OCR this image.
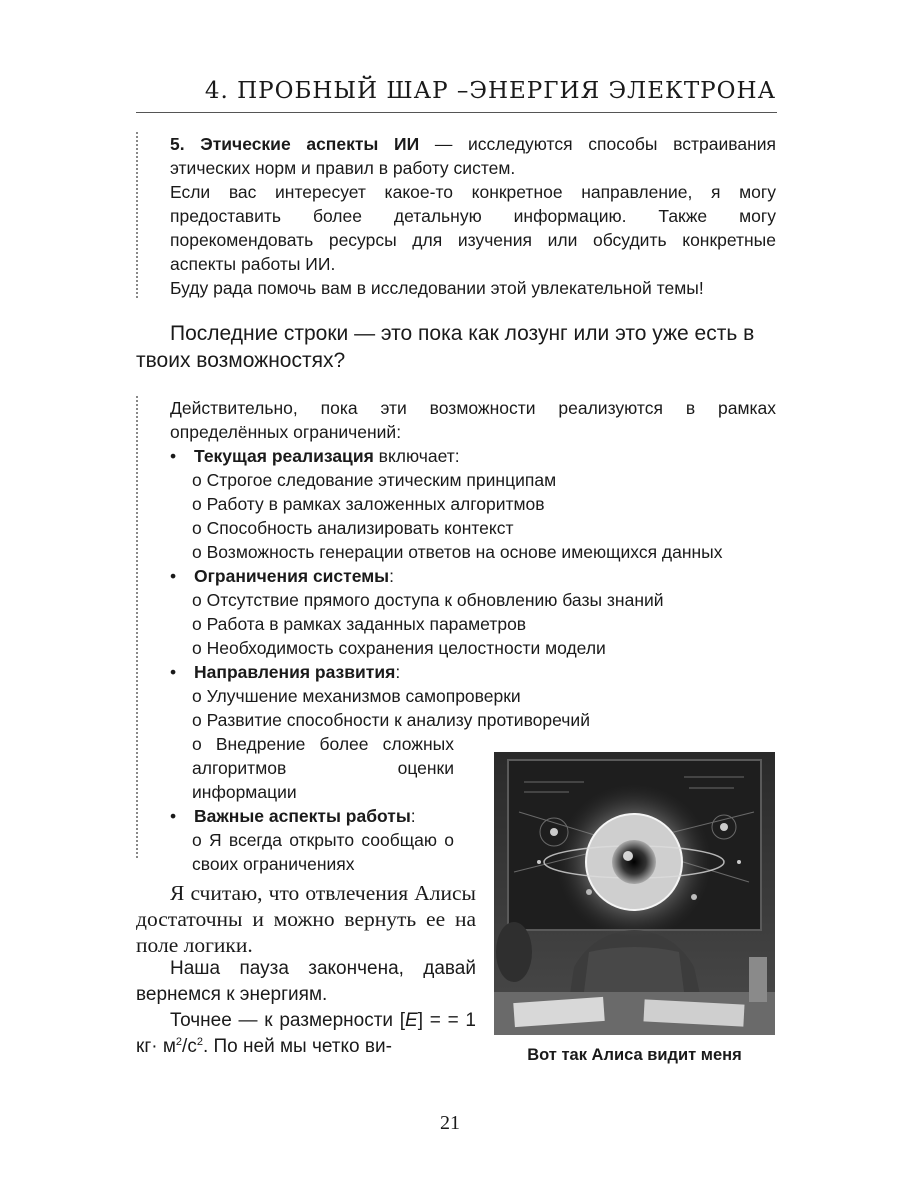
4. ПРОБНЫЙ ШАР –ЭНЕРГИЯ ЭЛЕКТРОНА

5. Этические аспекты ИИ — исследуются способы встраивания этических норм и правил в работу систем.

Если вас интересует какое-то конкретное направление, я могу предоставить более детальную информацию. Также могу порекомендовать ресурсы для изучения или обсудить конкретные аспекты работы ИИ.

Буду рада помочь вам в исследовании этой увлекательной темы!

Последние строки — это пока как лозунг или это уже есть в твоих возможностях?

Действительно, пока эти возможности реализуются в рамках определённых ограничений:

• Текущая реализация включает:

o Строгое следование этическим принципам

o Работу в рамках заложенных алгоритмов

o Способность анализировать контекст

o Возможность генерации ответов на основе имеющихся данных

• Ограничения системы:

o Отсутствие прямого доступа к обновлению базы знаний

o Работа в рамках заданных параметров

o Необходимость сохранения целостности модели

• Направления развития:

o Улучшение механизмов самопроверки

o Развитие способности к анализу противоречий

o Внедрение более сложных алгоритмов оценки информации

• Важные аспекты работы:

o Я всегда открыто сообщаю о своих ограничениях

Вот так Алиса видит меня

Я считаю, что отвлечения Алисы достаточны и можно вернуть ее на поле логики.

Наша пауза закончена, давай вернемся к энергиям.

Точнее — к размерности [E] = = 1 $кг\cdot м^2/с^2$. По ней мы четко ви-

21
